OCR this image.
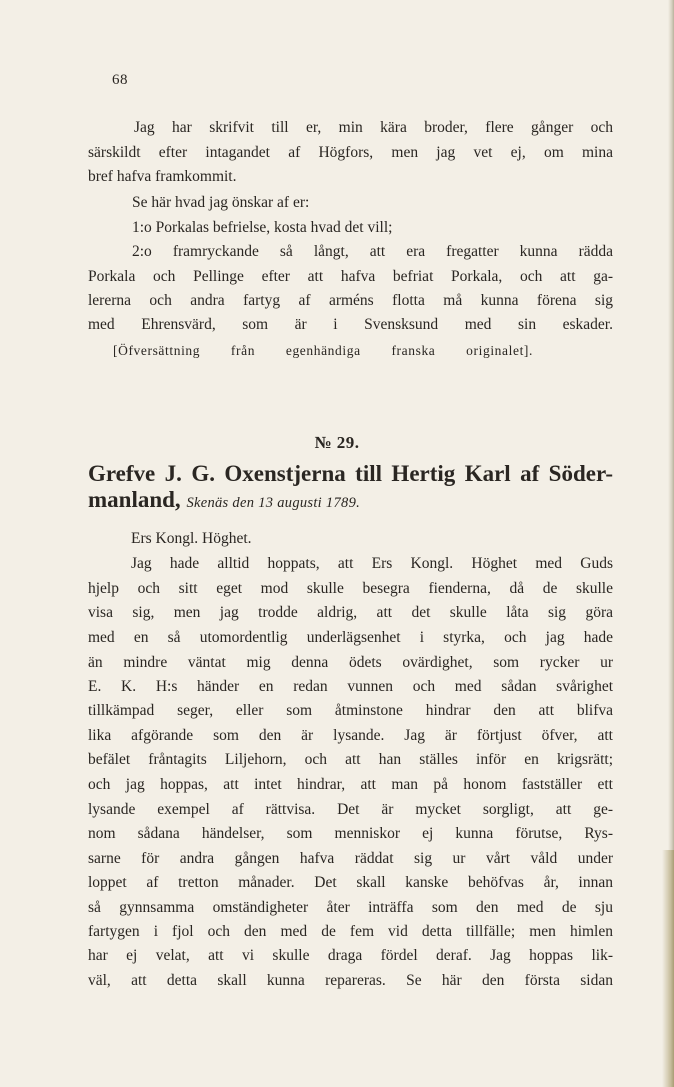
68
Jag har skrifvit till er, min kära broder, flere gånger och
särskildt efter intagandet af Högfors, men jag vet ej, om mina
bref hafva framkommit.
Se här hvad jag önskar af er:
1:o Porkalas befrielse, kosta hvad det vill;
2:o framryckande så långt, att era fregatter kunna rädda
Porkala och Pellinge efter att hafva befriat Porkala, och att ga-
lererna och andra fartyg af arméns flotta må kunna förena sig
med Ehrensvärd, som är i Svensksund med sin eskader.
[Öfversättning från egenhändiga franska originalet].
№ 29.
Grefve J. G. Oxenstjerna till Hertig Karl af Söder-
manland, Skenäs den 13 augusti 1789.
Ers Kongl. Höghet.
Jag hade alltid hoppats, att Ers Kongl. Höghet med Guds
hjelp och sitt eget mod skulle besegra fienderna, då de skulle
visa sig, men jag trodde aldrig, att det skulle låta sig göra
med en så utomordentlig underlägsenhet i styrka, och jag hade
än mindre väntat mig denna ödets ovärdighet, som rycker ur
E. K. H:s händer en redan vunnen och med sådan svårighet
tillkämpad seger, eller som åtminstone hindrar den att blifva
lika afgörande som den är lysande. Jag är förtjust öfver, att
befälet fråntagits Liljehorn, och att han ställes inför en krigsrätt;
och jag hoppas, att intet hindrar, att man på honom fastställer ett
lysande exempel af rättvisa. Det är mycket sorgligt, att ge-
nom sådana händelser, som menniskor ej kunna förutse, Rys-
sarne för andra gången hafva räddat sig ur vårt våld under
loppet af tretton månader. Det skall kanske behöfvas år, innan
så gynnsamma omständigheter åter inträffa som den med de sju
fartygen i fjol och den med de fem vid detta tillfälle; men himlen
har ej velat, att vi skulle draga fördel deraf. Jag hoppas lik-
väl, att detta skall kunna repareras. Se här den första sidan
